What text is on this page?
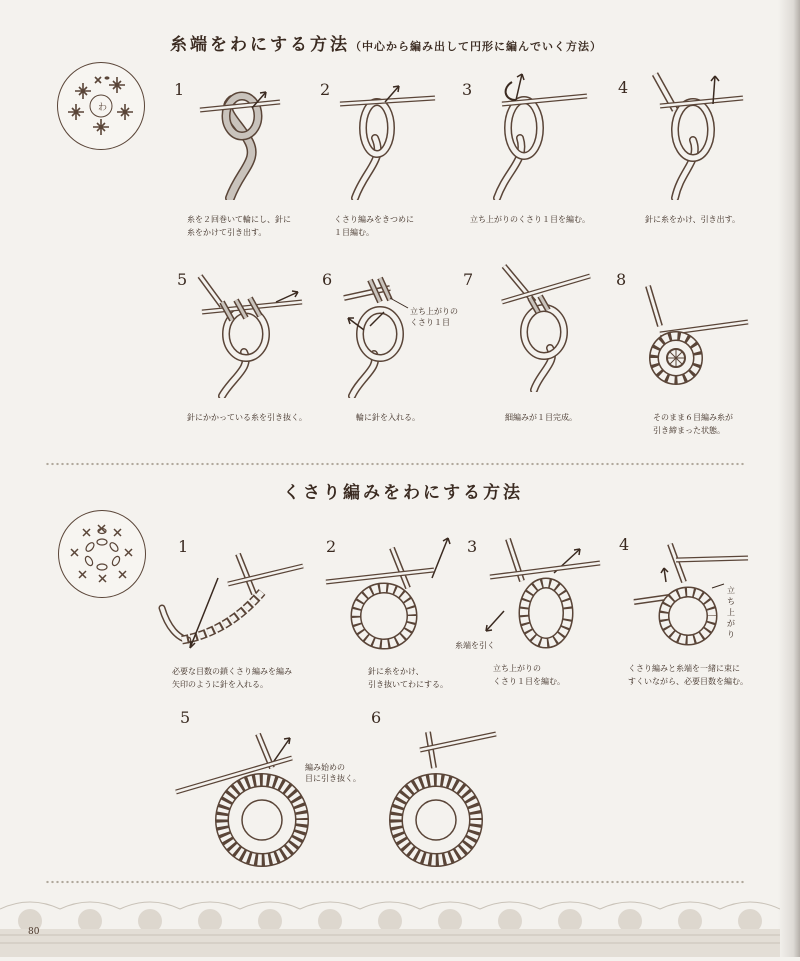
糸端をわにする方法（中心から編み出して円形に編んでいく方法）
わ
1
糸を２回巻いて輪にし、針に
糸をかけて引き出す。
2
くさり編みをきつめに
１目編む。
3
立ち上がりのくさり１目を編む。
4
針に糸をかけ、引き出す。
5
針にかかっている糸を引き抜く。
6
立ち上がりの
くさり１目
輪に針を入れる。
7
細編みが１目完成。
8
そのまま６目編み糸が
引き締まった状態。
くさり編みをわにする方法
1
必要な目数の鎖くさり編みを編み
矢印のように針を入れる。
2
針に糸をかけ、
引き抜いてわにする。
3
糸端を引く
立ち上がりの
くさり１目を編む。
4
立ち上がり
くさり編みと糸端を一緒に束に
すくいながら、必要目数を編む。
5
編み始めの
目に引き抜く。
6
80
